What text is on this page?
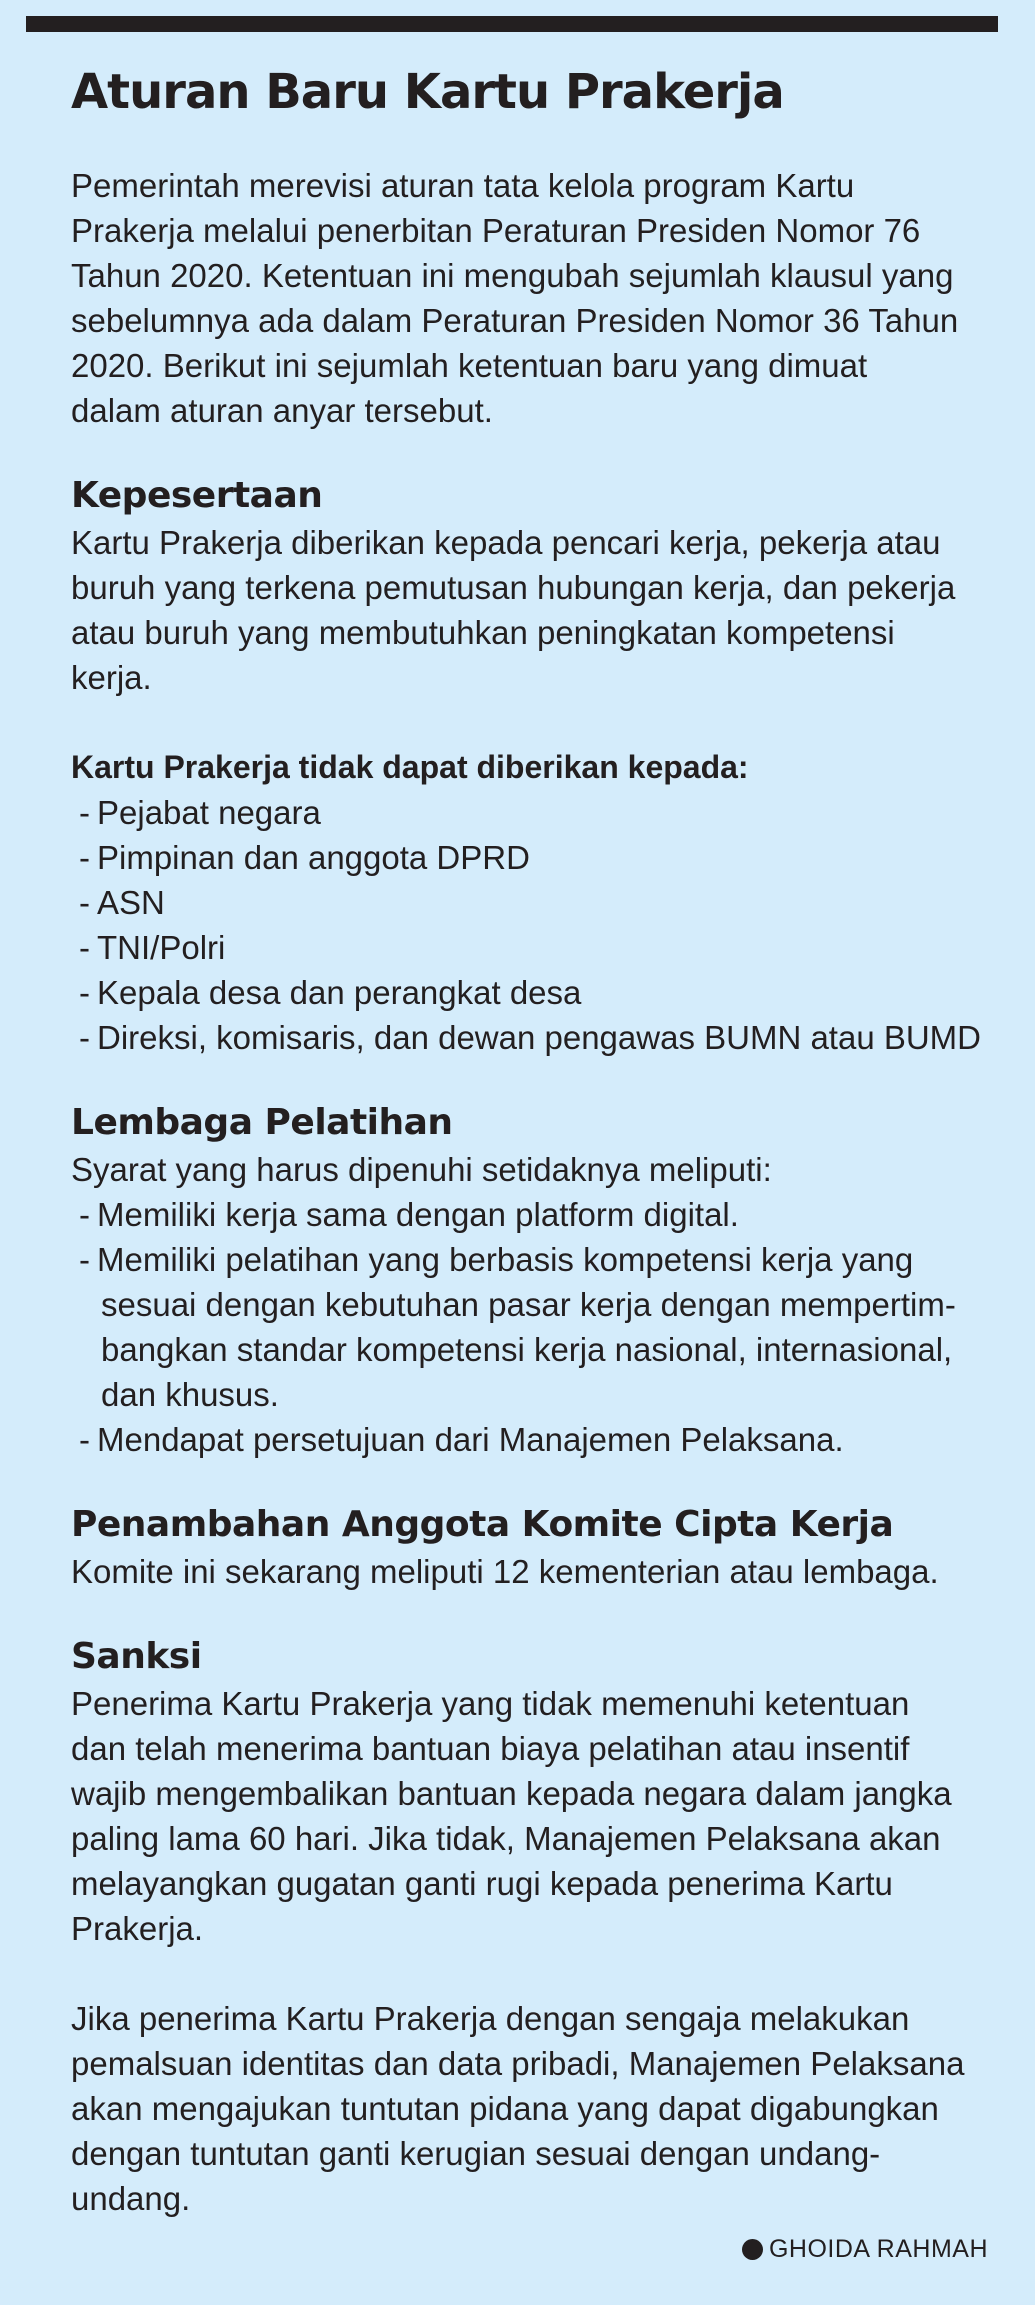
Aturan Baru Kartu Prakerja
Pemerintah merevisi aturan tata kelola program Kartu
Prakerja melalui penerbitan Peraturan Presiden Nomor 76
Tahun 2020. Ketentuan ini mengubah sejumlah klausul yang
sebelumnya ada dalam Peraturan Presiden Nomor 36 Tahun
2020. Berikut ini sejumlah ketentuan baru yang dimuat
dalam aturan anyar tersebut.
Kepesertaan
Kartu Prakerja diberikan kepada pencari kerja, pekerja atau
buruh yang terkena pemutusan hubungan kerja, dan pekerja
atau buruh yang membutuhkan peningkatan kompetensi
kerja.
Kartu Prakerja tidak dapat diberikan kepada:
- Pejabat negara
- Pimpinan dan anggota DPRD
- ASN
- TNI/Polri
- Kepala desa dan perangkat desa
- Direksi, komisaris, dan dewan pengawas BUMN atau BUMD
Lembaga Pelatihan
Syarat yang harus dipenuhi setidaknya meliputi:
- Memiliki kerja sama dengan platform digital.
- Memiliki pelatihan yang berbasis kompetensi kerja yang
sesuai dengan kebutuhan pasar kerja dengan mempertim-
bangkan standar kompetensi kerja nasional, internasional,
dan khusus.
- Mendapat persetujuan dari Manajemen Pelaksana.
Penambahan Anggota Komite Cipta Kerja
Komite ini sekarang meliputi 12 kementerian atau lembaga.
Sanksi
Penerima Kartu Prakerja yang tidak memenuhi ketentuan
dan telah menerima bantuan biaya pelatihan atau insentif
wajib mengembalikan bantuan kepada negara dalam jangka
paling lama 60 hari. Jika tidak, Manajemen Pelaksana akan
melayangkan gugatan ganti rugi kepada penerima Kartu
Prakerja.
Jika penerima Kartu Prakerja dengan sengaja melakukan
pemalsuan identitas dan data pribadi, Manajemen Pelaksana
akan mengajukan tuntutan pidana yang dapat digabungkan
dengan tuntutan ganti kerugian sesuai dengan undang-
undang.
GHOIDA RAHMAH
